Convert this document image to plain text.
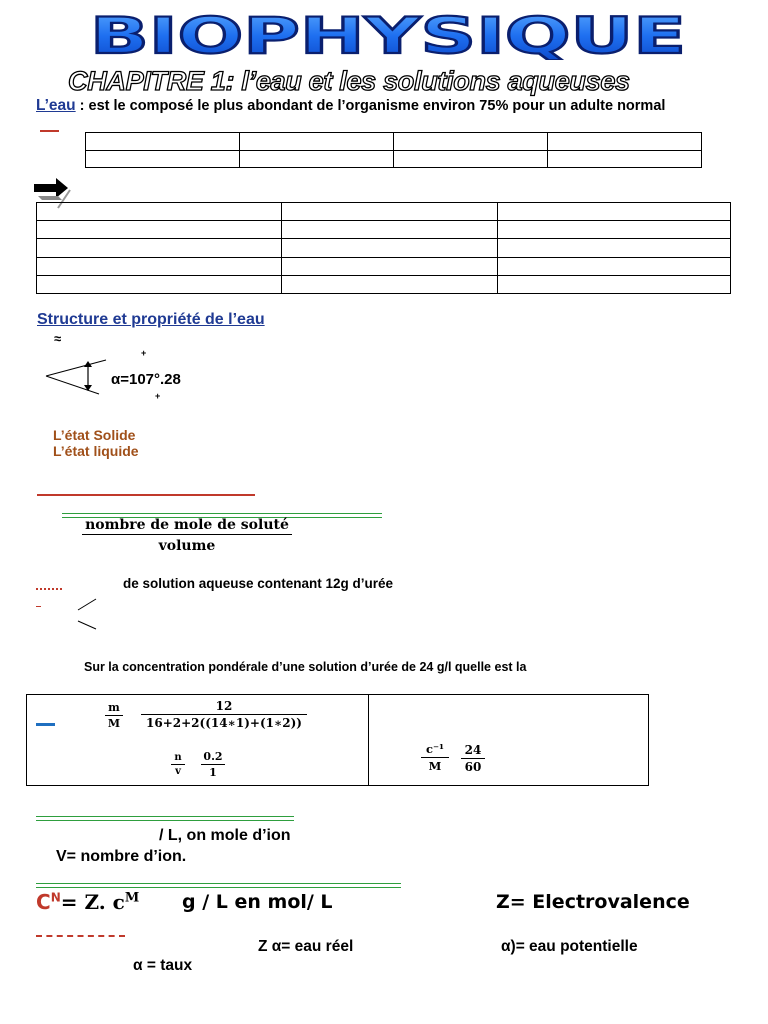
BIOPHYSIQUE
CHAPITRE 1: l’eau et les solutions aqueuses
L’eau : est le composé le plus abondant de l’organisme environ 75% pour un adulte normal

Structure et propriété de l’eau
≈
+
α=107°.28
+
L’état Solide
L’état liquide
nombre de mole de soluté
volume
de solution aqueuse contenant 12g d’urée
Sur la concentration pondérale d’une solution d’urée de 24 g/l quelle est la
$\frac{m}{M} \frac{12}{16+2+2((14∗1)+(1∗2))}$
$\frac{n}{v} \frac{0.2}{1}$	$\frac{\text{c⁻¹}}{M} \frac{24}{60}$
/ L, on mole d’ion
V= nombre d’ion.
$C^N= Z$. $c^M$ g / L en mol/ L	Z= Electrovalence
Z α= eau réel	α)= eau potentielle
α = taux
